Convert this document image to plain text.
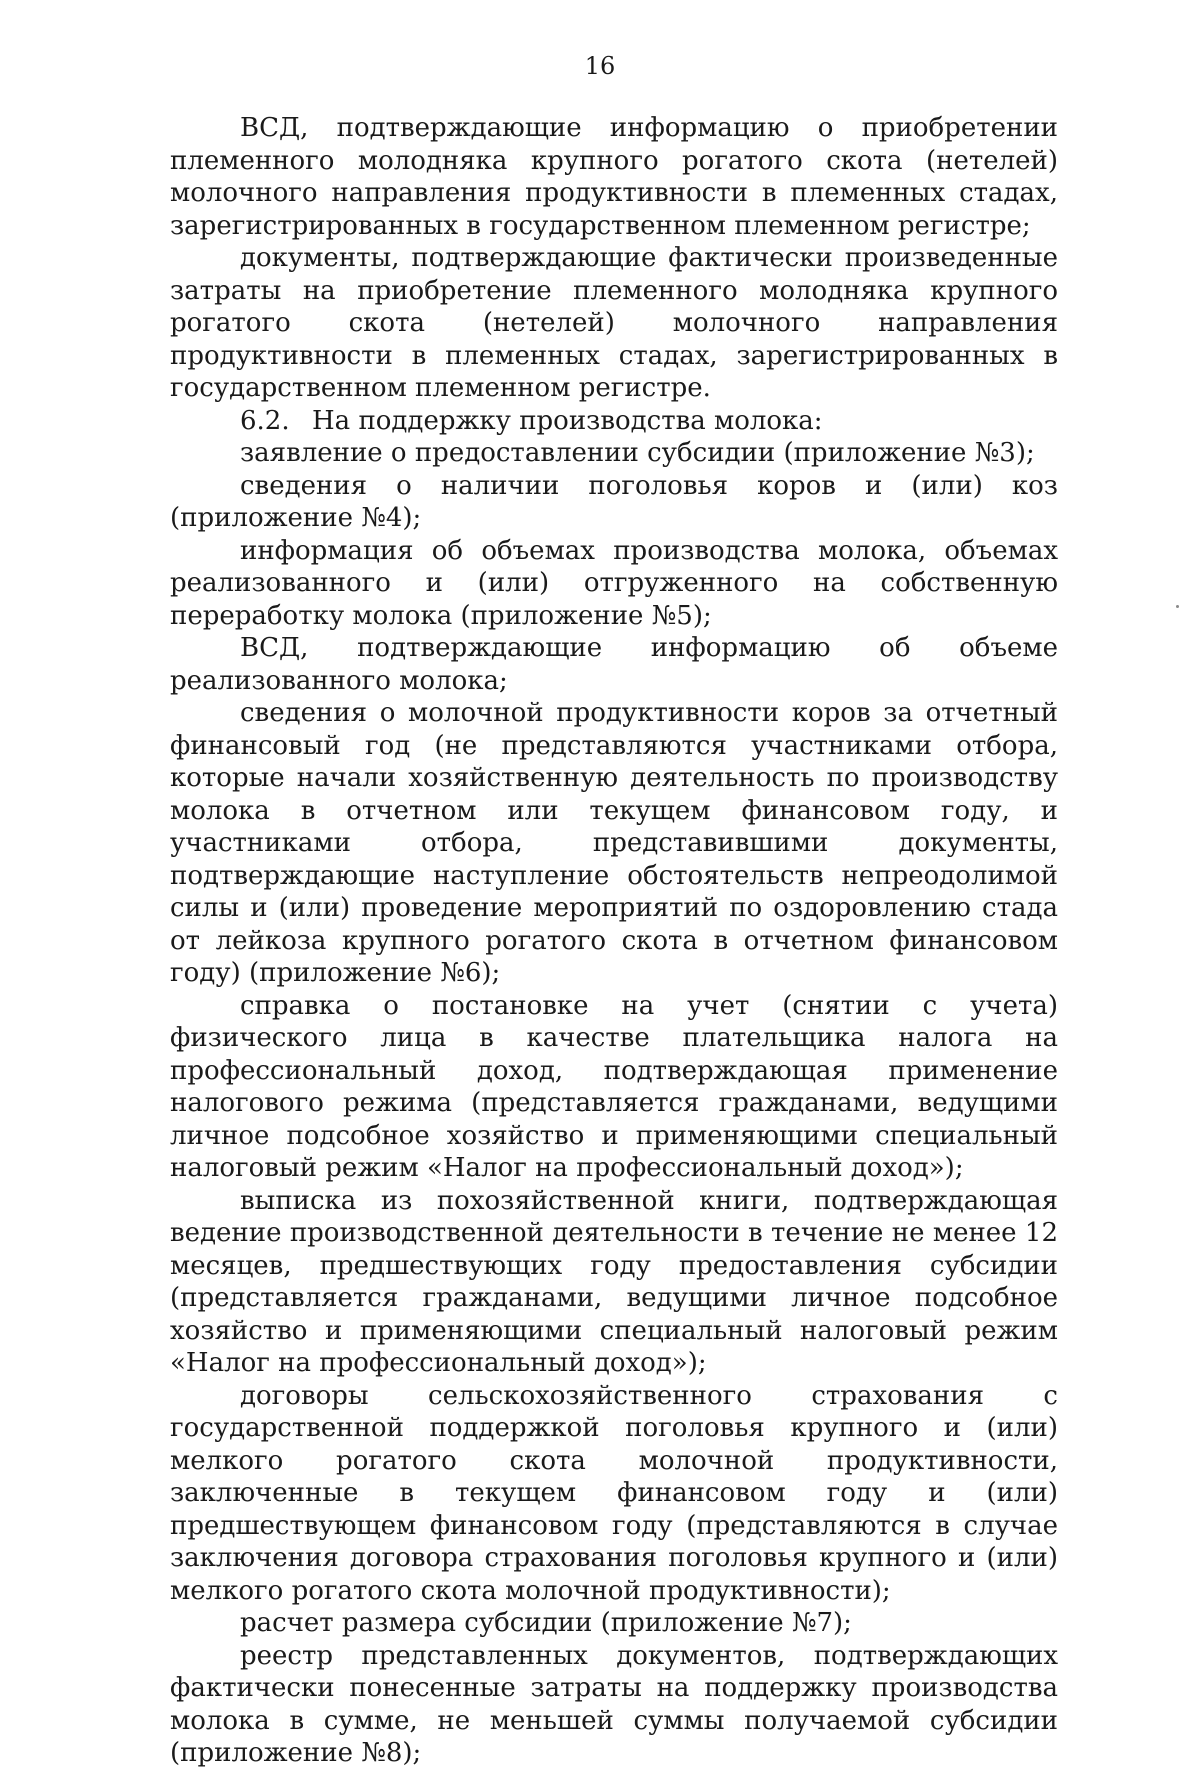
16

ВСД, подтверждающие информацию о приобретении племенного молодняка крупного рогатого скота (нетелей) молочного направления продуктивности в племенных стадах, зарегистрированных в государственном племенном регистре;

документы, подтверждающие фактически произведенные затраты на приобретение племенного молодняка крупного рогатого скота (нетелей) молочного направления продуктивности в племенных стадах, зарегистрированных в государственном племенном регистре.

6.2. На поддержку производства молока:

заявление о предоставлении субсидии (приложение №3);

сведения о наличии поголовья коров и (или) коз (приложение №4);

информация об объемах производства молока, объемах реализованного и (или) отгруженного на собственную переработку молока (приложение №5);

ВСД, подтверждающие информацию об объеме реализованного молока;

сведения о молочной продуктивности коров за отчетный финансовый год (не представляются участниками отбора, которые начали хозяйственную деятельность по производству молока в отчетном или текущем финансовом году, и участниками отбора, представившими документы, подтверждающие наступление обстоятельств непреодолимой силы и (или) проведение мероприятий по оздоровлению стада от лейкоза крупного рогатого скота в отчетном финансовом году) (приложение №6);

справка о постановке на учет (снятии с учета) физического лица в качестве плательщика налога на профессиональный доход, подтверждающая применение налогового режима (представляется гражданами, ведущими личное подсобное хозяйство и применяющими специальный налоговый режим «Налог на профессиональный доход»);

выписка из похозяйственной книги, подтверждающая ведение производственной деятельности в течение не менее 12 месяцев, предшествующих году предоставления субсидии (представляется гражданами, ведущими личное подсобное хозяйство и применяющими специальный налоговый режим «Налог на профессиональный доход»);

договоры сельскохозяйственного страхования с государственной поддержкой поголовья крупного и (или) мелкого рогатого скота молочной продуктивности, заключенные в текущем финансовом году и (или) предшествующем финансовом году (представляются в случае заключения договора страхования поголовья крупного и (или) мелкого рогатого скота молочной продуктивности);

расчет размера субсидии (приложение №7);

реестр представленных документов, подтверждающих фактически понесенные затраты на поддержку производства молока в сумме, не меньшей суммы получаемой субсидии (приложение №8);
